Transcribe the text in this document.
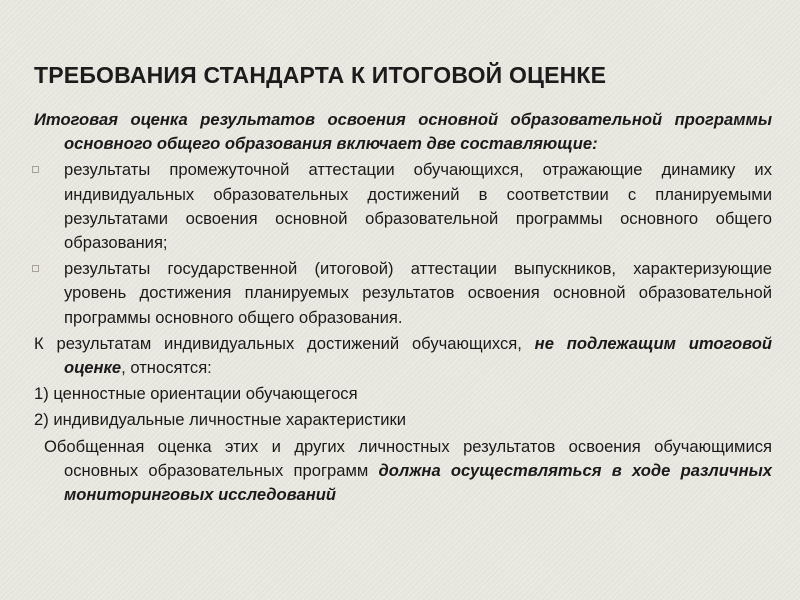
ТРЕБОВАНИЯ СТАНДАРТА К ИТОГОВОЙ ОЦЕНКЕ

Итоговая оценка результатов освоения основной образовательной программы основного общего образования включает две составляющие:

результаты промежуточной аттестации обучающихся, отражающие динамику их индивидуальных образовательных достижений в соответствии с планируемыми результатами освоения основной образовательной программы основного общего образования;
результаты государственной (итоговой) аттестации выпускников, характеризующие уровень достижения планируемых результатов освоения основной образовательной программы основного общего образования.

К результатам индивидуальных достижений обучающихся, не подлежащим итоговой оценке, относятся:

1) ценностные ориентации обучающегося

2) индивидуальные личностные характеристики

Обобщенная оценка этих и других личностных результатов освоения обучающимися основных образовательных программ должна осуществляться в ходе различных мониторинговых исследований
